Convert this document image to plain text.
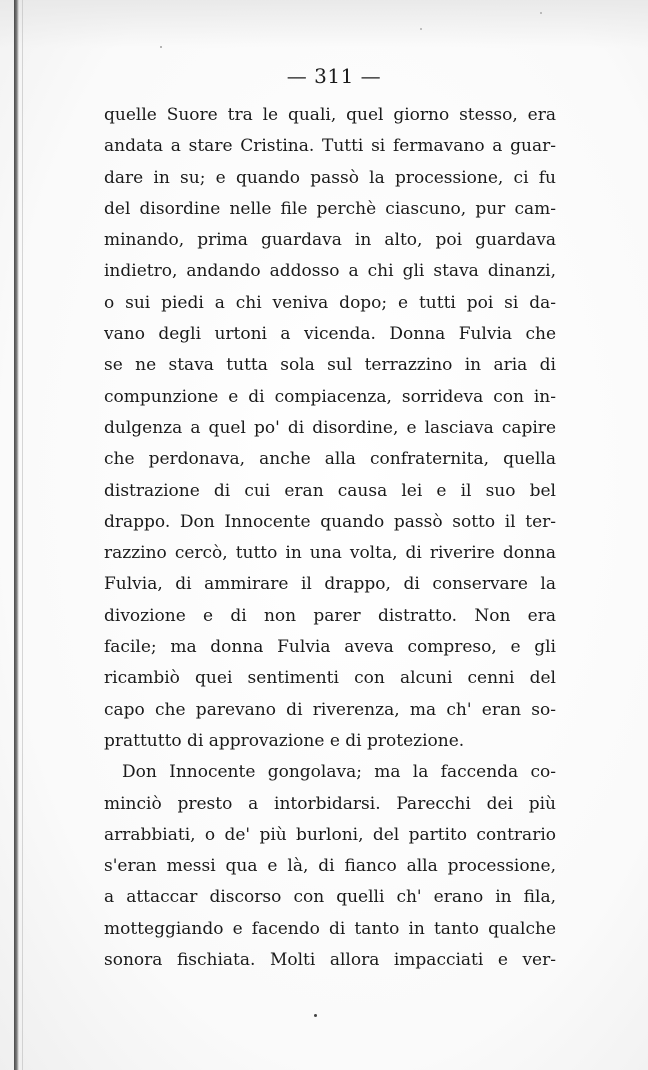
— 311 —
quelle Suore tra le quali, quel giorno stesso, era
andata a stare Cristina. Tutti si fermavano a guar-
dare in su; e quando passò la processione, ci fu
del disordine nelle file perchè ciascuno, pur cam-
minando, prima guardava in alto, poi guardava
indietro, andando addosso a chi gli stava dinanzi,
o sui piedi a chi veniva dopo; e tutti poi si da-
vano degli urtoni a vicenda. Donna Fulvia che
se ne stava tutta sola sul terrazzino in aria di
compunzione e di compiacenza, sorrideva con in-
dulgenza a quel po' di disordine, e lasciava capire
che perdonava, anche alla confraternita, quella
distrazione di cui eran causa lei e il suo bel
drappo. Don Innocente quando passò sotto il ter-
razzino cercò, tutto in una volta, di riverire donna
Fulvia, di ammirare il drappo, di conservare la
divozione e di non parer distratto. Non era
facile; ma donna Fulvia aveva compreso, e gli
ricambiò quei sentimenti con alcuni cenni del
capo che parevano di riverenza, ma ch' eran so-
prattutto di approvazione e di protezione.
Don Innocente gongolava; ma la faccenda co-
minciò presto a intorbidarsi. Parecchi dei più
arrabbiati, o de' più burloni, del partito contrario
s'eran messi qua e là, di fianco alla processione,
a attaccar discorso con quelli ch' erano in fila,
motteggiando e facendo di tanto in tanto qualche
sonora fischiata. Molti allora impacciati e ver-
